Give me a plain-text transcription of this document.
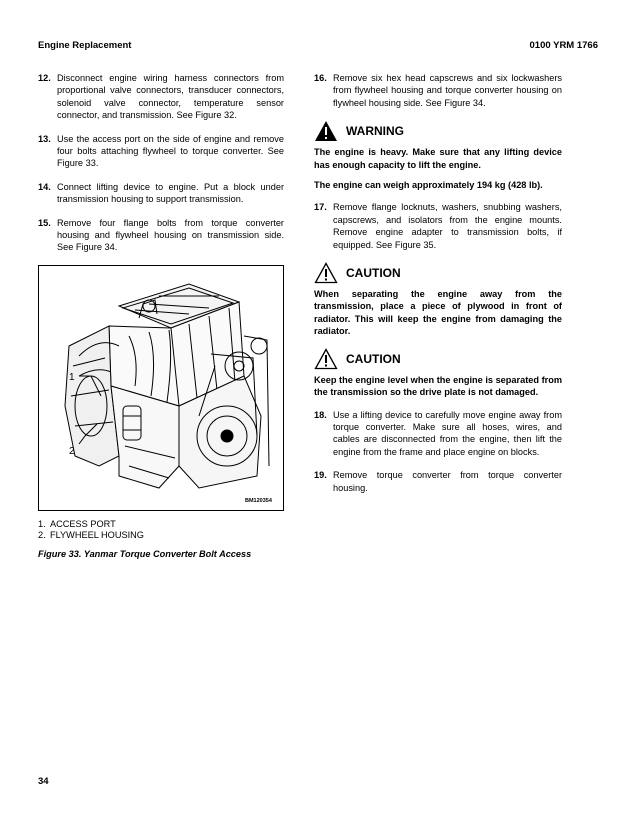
Engine Replacement	0100 YRM 1766
12. Disconnect engine wiring harness connectors from proportional valve connectors, transducer connectors, solenoid valve connector, temperature sensor connector, and transmission. See Figure 32.
13. Use the access port on the side of engine and remove four bolts attaching flywheel to torque converter. See Figure 33.
14. Connect lifting device to engine. Put a block under transmission housing to support transmission.
15. Remove four flange bolts from torque converter housing and flywheel housing on transmission side. See Figure 34.
1
2
BM120354
1. ACCESS PORT
2. FLYWHEEL HOUSING
Figure 33. Yanmar Torque Converter Bolt Access
16. Remove six hex head capscrews and six lockwashers from flywheel housing and torque converter housing on flywheel housing side. See Figure 34.
WARNING
The engine is heavy. Make sure that any lifting device has enough capacity to lift the engine.
The engine can weigh approximately 194 kg (428 lb).
17. Remove flange locknuts, washers, snubbing washers, capscrews, and isolators from the engine mounts. Remove engine adapter to transmission bolts, if equipped. See Figure 35.
CAUTION
When separating the engine away from the transmission, place a piece of plywood in front of radiator. This will keep the engine from damaging the radiator.
CAUTION
Keep the engine level when the engine is separated from the transmission so the drive plate is not damaged.
18. Use a lifting device to carefully move engine away from torque converter. Make sure all hoses, wires, and cables are disconnected from the engine, then lift the engine from the frame and place engine on blocks.
19. Remove torque converter from torque converter housing.
34
